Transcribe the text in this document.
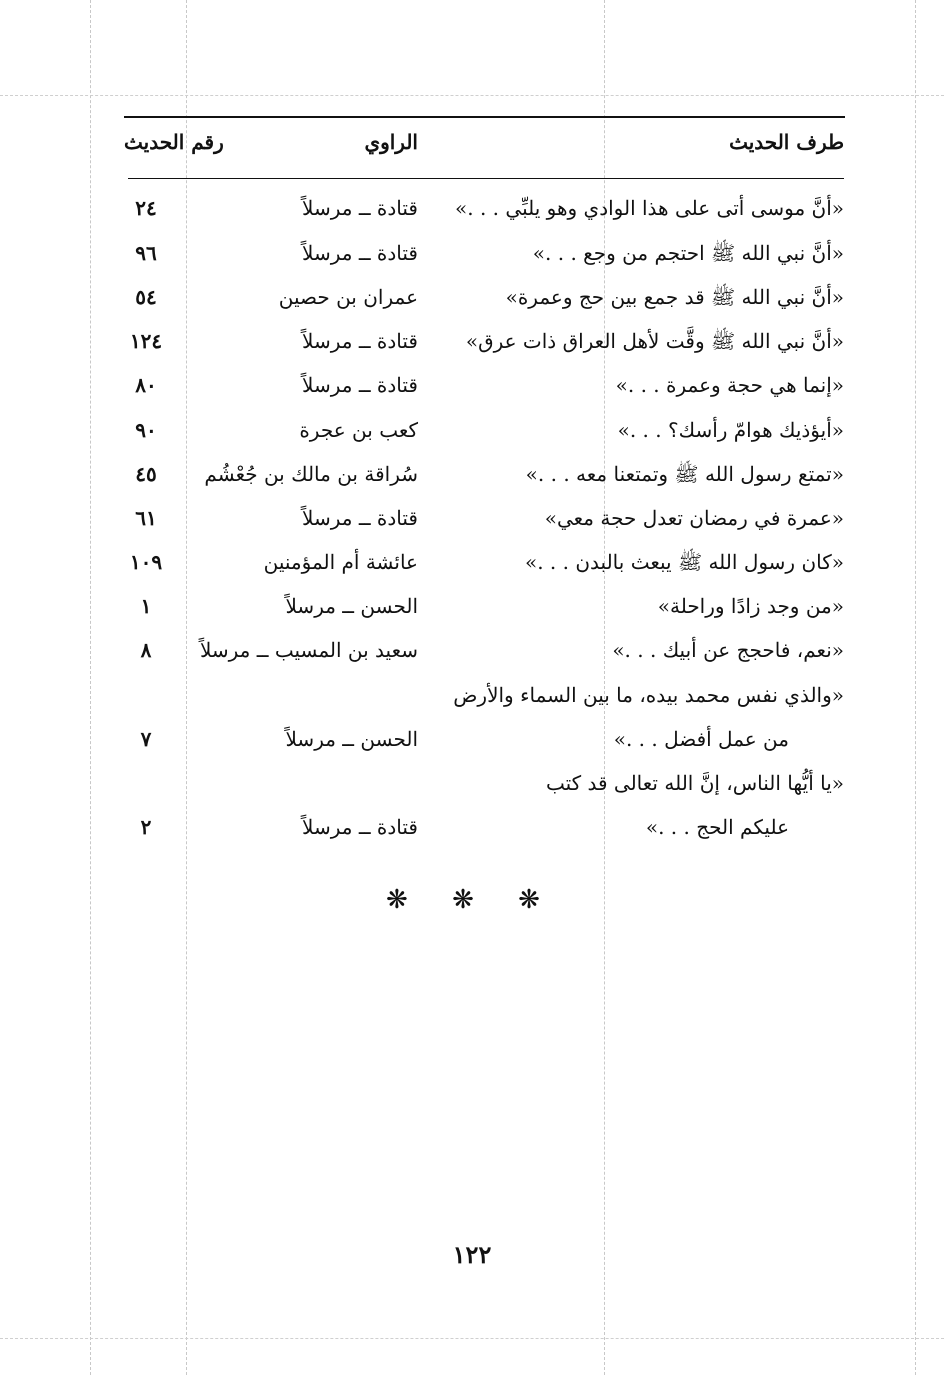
طرف الحديث
الراوي
رقم الحديث
«أنَّ موسى أتى على هذا الوادي وهو يلبِّي . . .»
قتادة ــ مرسلاً
٢٤
«أنَّ نبي الله ﷺ احتجم من وجع . . .»
قتادة ــ مرسلاً
٩٦
«أنَّ نبي الله ﷺ قد جمع بين حج وعمرة»
عمران بن حصين
٥٤
«أنَّ نبي الله ﷺ وقَّت لأهل العراق ذات عرق»
قتادة ــ مرسلاً
١٢٤
«إنما هي حجة وعمرة . . .»
قتادة ــ مرسلاً
٨٠
«أيؤذيك هوامّ رأسك؟ . . .»
كعب بن عجرة
٩٠
«تمتع رسول الله ﷺ وتمتعنا معه . . .»
سُراقة بن مالك بن جُعْشُم
٤٥
«عمرة في رمضان تعدل حجة معي»
قتادة ــ مرسلاً
٦١
«كان رسول الله ﷺ يبعث بالبدن . . .»
عائشة أم المؤمنين
١٠٩
«من وجد زادًا وراحلة»
الحسن ــ مرسلاً
١
«نعم، فاحجج عن أبيك . . .»
سعيد بن المسيب ــ مرسلاً
٨
«والذي نفس محمد بيده، ما بين السماء والأرض
من عمل أفضل . . .»
الحسن ــ مرسلاً
٧
«يا أيُّها الناس، إنَّ الله تعالى قد كتب
عليكم الحج . . .»
قتادة ــ مرسلاً
٢
❋ ❋ ❋
١٢٢
